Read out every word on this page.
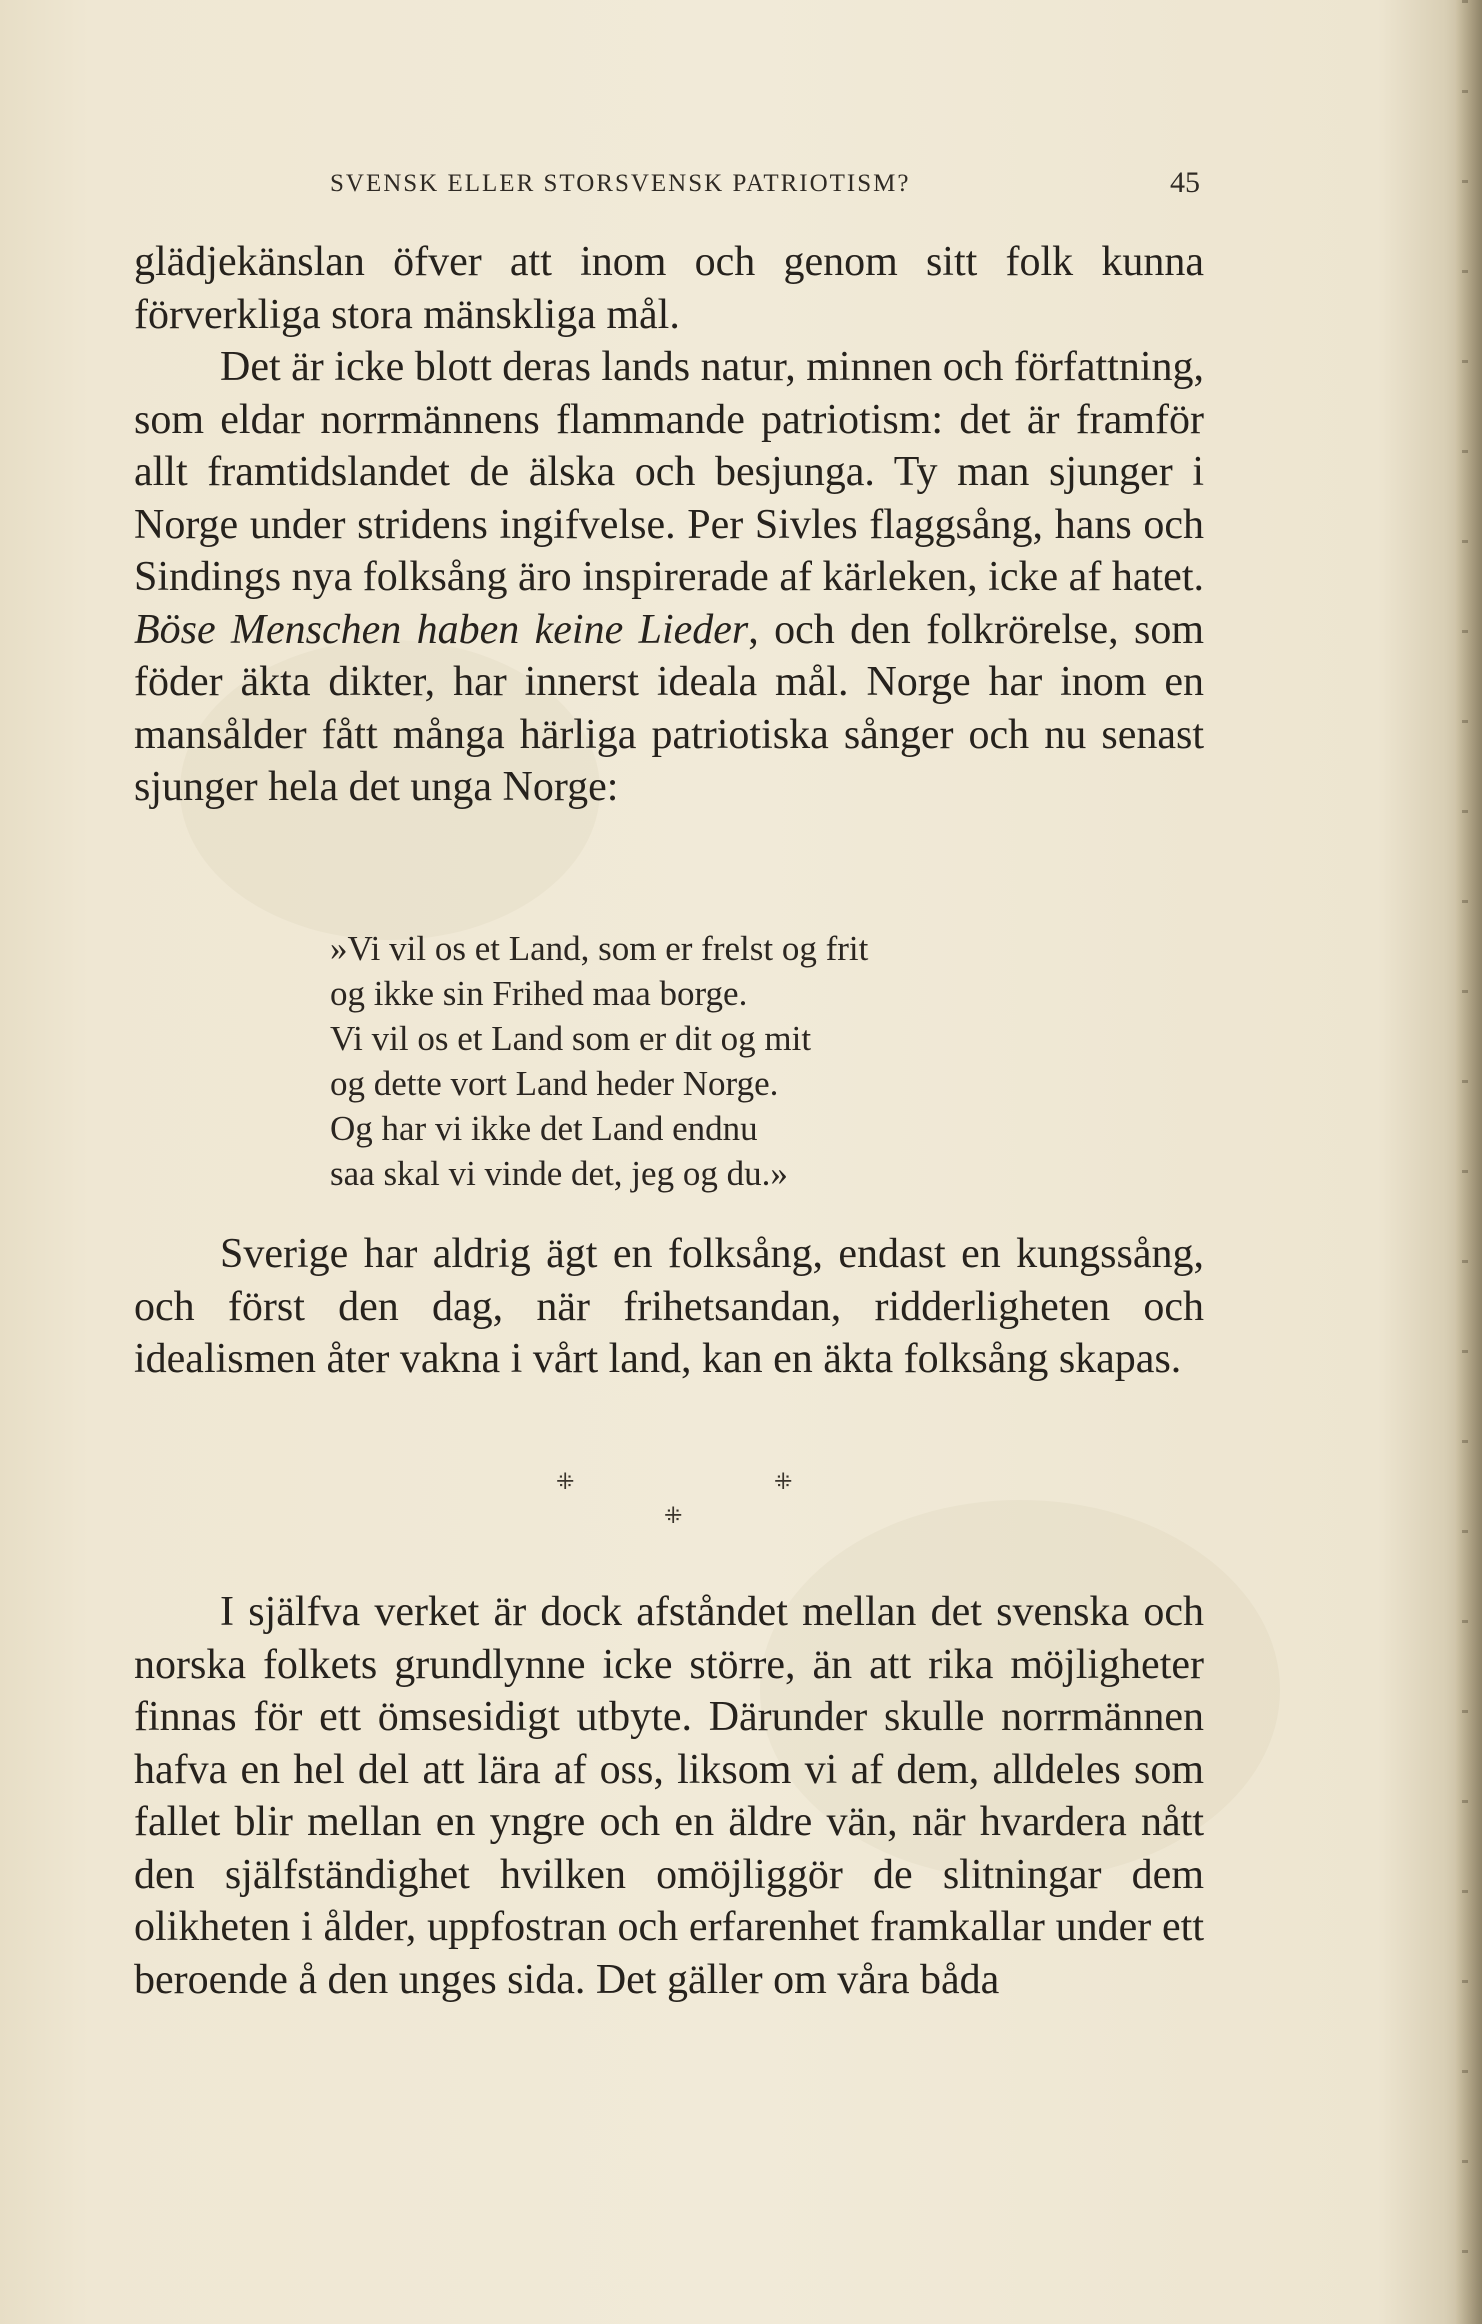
SVENSK ELLER STORSVENSK PATRIOTISM?	45

glädjekänslan öfver att inom och genom sitt folk kunna förverkliga stora mänskliga mål.

Det är icke blott deras lands natur, minnen och författning, som eldar norrmännens flammande patriotism: det är framför allt framtidslandet de älska och besjunga. Ty man sjunger i Norge under stridens ingifvelse. Per Sivles flaggsång, hans och Sindings nya folksång äro inspirerade af kärleken, icke af hatet. Böse Menschen haben keine Lieder, och den folkrörelse, som föder äkta dikter, har innerst ideala mål. Norge har inom en mansålder fått många härliga patriotiska sånger och nu senast sjunger hela det unga Norge:

»Vi vil os et Land, som er frelst og frit
og ikke sin Frihed maa borge.
Vi vil os et Land som er dit og mit
og dette vort Land heder Norge.
Og har vi ikke det Land endnu
saa skal vi vinde det, jeg og du.»

Sverige har aldrig ägt en folksång, endast en kungssång, och först den dag, när frihetsandan, ridderligheten och idealismen åter vakna i vårt land, kan en äkta folksång skapas.

⁜	⁜
⁜

I själfva verket är dock afståndet mellan det svenska och norska folkets grundlynne icke större, än att rika möjligheter finnas för ett ömsesidigt utbyte. Därunder skulle norrmännen hafva en hel del att lära af oss, liksom vi af dem, alldeles som fallet blir mellan en yngre och en äldre vän, när hvardera nått den själfständighet hvilken omöjliggör de slitningar dem olikheten i ålder, uppfostran och erfarenhet framkallar under ett beroende å den unges sida. Det gäller om våra båda
